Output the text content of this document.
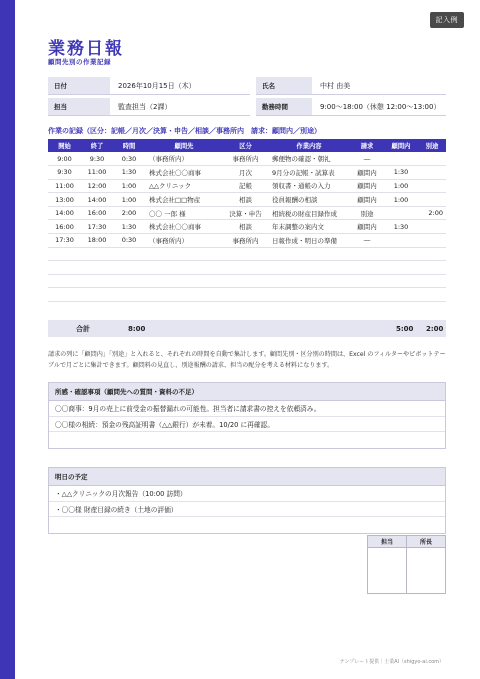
記入例
業務日報
顧問先別の作業記録
日付	2026年10月15日（木）	氏名	中村 由美
担当	監査担当（2課）	勤務時間	9:00～18:00（休憩 12:00～13:00）
作業の記録（区分：記帳／月次／決算・申告／相談／事務所内　請求：顧問内／別途）
開始	終了	時間	顧問先	区分	作業内容	請求	顧問内	別途
9:00	9:30	0:30	（事務所内）	事務所内	郵便物の確認・朝礼	―		
9:30	11:00	1:30	株式会社〇〇商事	月次	9月分の記帳・試算表	顧問内	1:30	
11:00	12:00	1:00	△△クリニック	記帳	領収書・通帳の入力	顧問内	1:00	
13:00	14:00	1:00	株式会社□□物産	相談	役員報酬の相談	顧問内	1:00	
14:00	16:00	2:00	〇〇 一郎 様	決算・申告	相続税の財産目録作成	別途		2:00
16:00	17:30	1:30	株式会社〇〇商事	相談	年末調整の案内文	顧問内	1:30	
17:30	18:00	0:30	（事務所内）	事務所内	日報作成・明日の準備	―		

合計	8:00	5:00 2:00
請求の列に「顧問内」「別途」と入れると、それぞれの時間を自動で集計します。顧問先別・区分別の時間は、Excel のフィルターやピボットテーブルで月ごとに集計できます。顧問料の見直し、別途報酬の請求、担当の配分を考える材料になります。
所感・確認事項（顧問先への質問・資料の不足）
〇〇商事：9月の売上に前受金の振替漏れの可能性。担当者に請求書の控えを依頼済み。
〇〇様の相続：預金の残高証明書（△△銀行）が未着。10/20 に再確認。
明日の予定
・△△クリニックの月次報告（10:00 訪問）
・〇〇様 財産目録の続き（土地の評価）
担当	所長

テンプレート提供｜士業AI（shigyo-ai.com）
